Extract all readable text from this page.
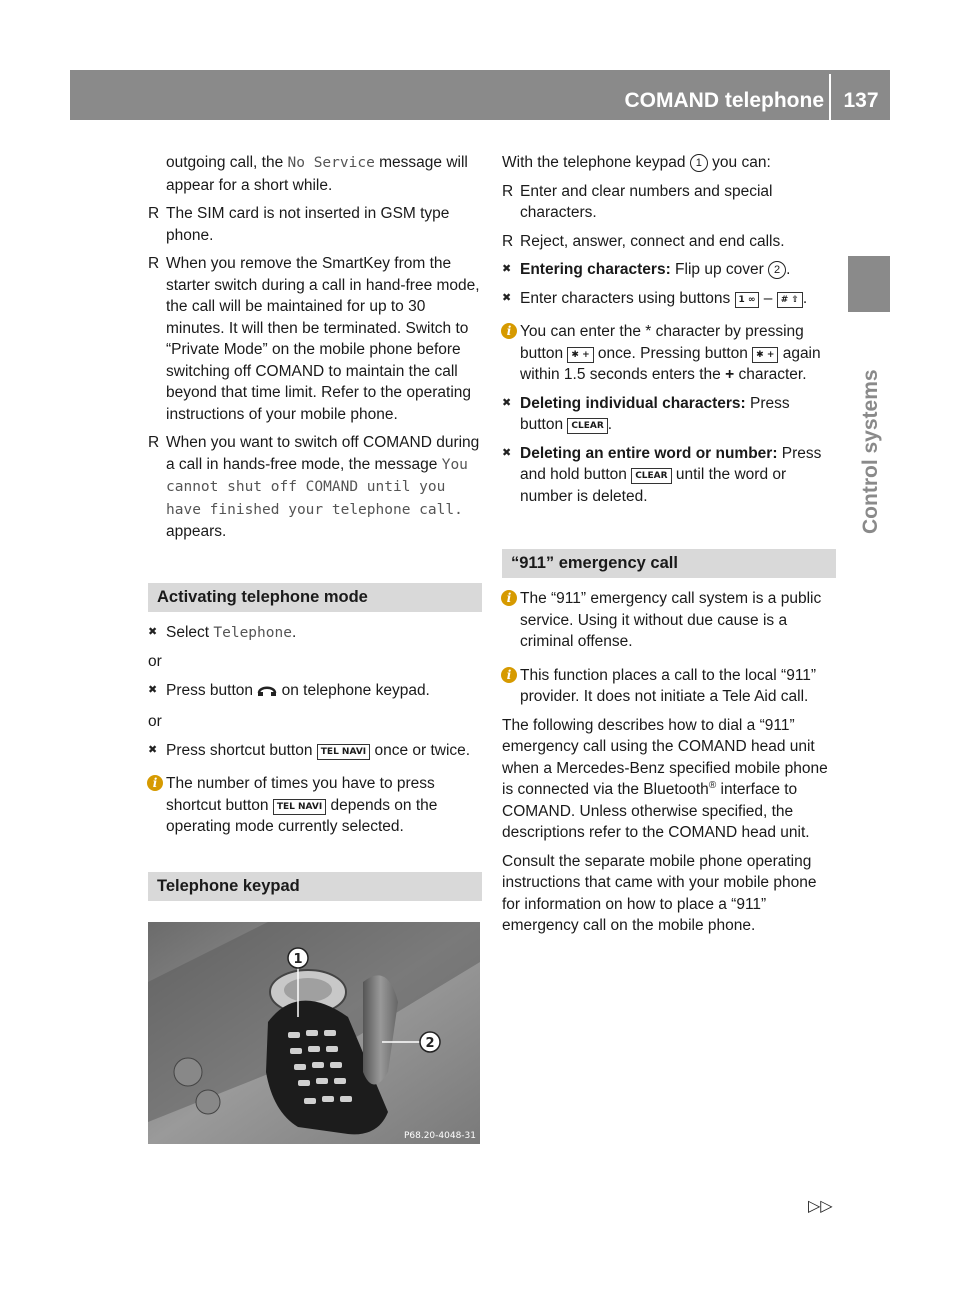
COMAND telephone 137
Control systems

outgoing call, the No Service message will appear for a short while.

R The SIM card is not inserted in GSM type phone.
R When you remove the SmartKey from the starter switch during a call in hand-free mode, the call will be maintained for up to 30 minutes. It will then be terminated. Switch to “Private Mode” on the mobile phone before switching off COMAND to maintain the call beyond that time limit. Refer to the operating instructions of your mobile phone.
R When you want to switch off COMAND during a call in hands-free mode, the message You cannot shut off COMAND until you have finished your telephone call. appears.
Activating telephone mode
✖ Select Telephone.

or

✖ Press button  on telephone keypad.

or

✖ Press shortcut button TEL NAVI once or twice.
i The number of times you have to press shortcut button TEL NAVI depends on the operating mode currently selected.
Telephone keypad
1
2
P68.20-4048-31

With the telephone keypad 1 you can:

R Enter and clear numbers and special characters.
R Reject, answer, connect and end calls.
✖ Entering characters: Flip up cover 2 .
✖ Enter characters using buttons 1 ∞ – # ⇧ .
i You can enter the * character by pressing button ✱ + once. Pressing button ✱ + again within 1.5 seconds enters the + character.
✖ Deleting individual characters: Press button CLEAR .
✖ Deleting an entire word or number: Press and hold button CLEAR until the word or number is deleted.
“911” emergency call
i The “911” emergency call system is a public service. Using it without due cause is a criminal offense.
i This function places a call to the local “911” provider. It does not initiate a Tele Aid call.

The following describes how to dial a “911” emergency call using the COMAND head unit when a Mercedes-Benz specified mobile phone is connected via the Bluetooth® interface to COMAND. Unless otherwise specified, the descriptions refer to the COMAND head unit.

Consult the separate mobile phone operating instructions that came with your mobile phone for information on how to place a “911” emergency call on the mobile phone.

▷▷
